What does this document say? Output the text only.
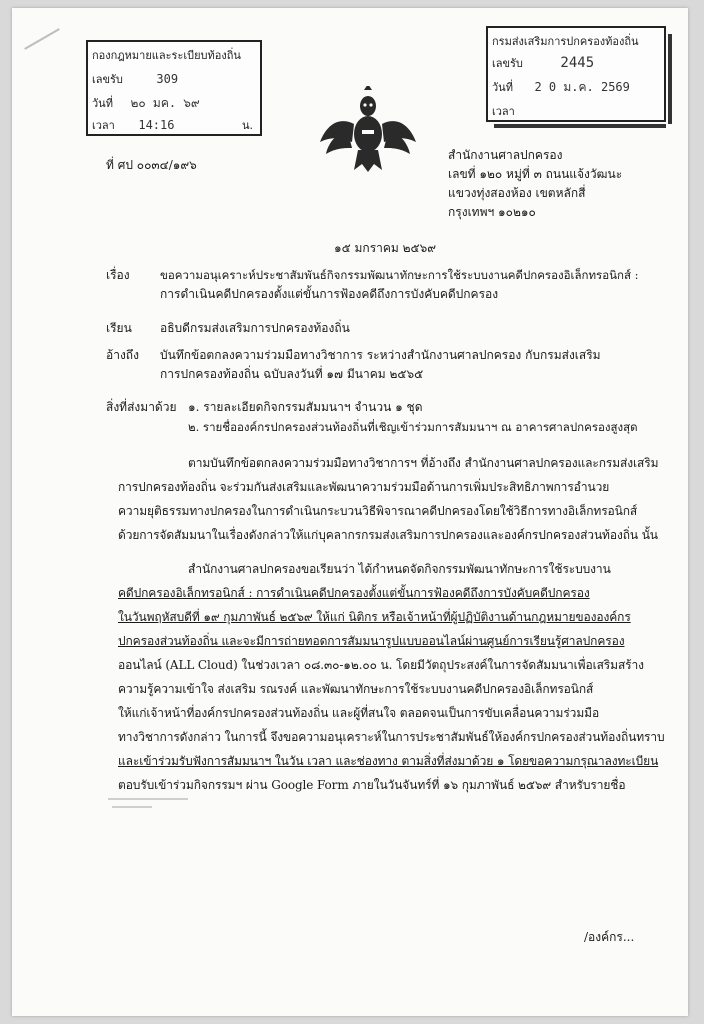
กองกฎหมายและระเบียบท้องถิ่น
เลขรับ	309
วันที่ ๒๐ มค. ๖๙
เวลา 14:16	น.
กรมส่งเสริมการปกครองท้องถิ่น
เลขรับ	2445
วันที่ 2 0 ม.ค. 2569
เวลา
ที่ ศป ๐๐๓๔/๑๙๖
สำนักงานศาลปกครอง
เลขที่ ๑๒๐ หมู่ที่ ๓ ถนนแจ้งวัฒนะ
แขวงทุ่งสองห้อง เขตหลักสี่
กรุงเทพฯ ๑๐๒๑๐
๑๕ มกราคม ๒๕๖๙
เรื่อง	ขอความอนุเคราะห์ประชาสัมพันธ์กิจกรรมพัฒนาทักษะการใช้ระบบงานคดีปกครองอิเล็กทรอนิกส์ :
การดำเนินคดีปกครองตั้งแต่ขั้นการฟ้องคดีถึงการบังคับคดีปกครอง
เรียน อธิบดีกรมส่งเสริมการปกครองท้องถิ่น
อ้างถึง บันทึกข้อตกลงความร่วมมือทางวิชาการ ระหว่างสำนักงานศาลปกครอง กับกรมส่งเสริม
การปกครองท้องถิ่น ฉบับลงวันที่ ๑๗ มีนาคม ๒๕๖๕
สิ่งที่ส่งมาด้วย ๑. รายละเอียดกิจกรรมสัมมนาฯ จำนวน ๑ ชุด
๒. รายชื่อองค์กรปกครองส่วนท้องถิ่นที่เชิญเข้าร่วมการสัมมนาฯ ณ อาคารศาลปกครองสูงสุด
ตามบันทึกข้อตกลงความร่วมมือทางวิชาการฯ ที่อ้างถึง สำนักงานศาลปกครองและกรมส่งเสริม
การปกครองท้องถิ่น จะร่วมกันส่งเสริมและพัฒนาความร่วมมือด้านการเพิ่มประสิทธิภาพการอำนวย
ความยุติธรรมทางปกครองในการดำเนินกระบวนวิธีพิจารณาคดีปกครองโดยใช้วิธีการทางอิเล็กทรอนิกส์
ด้วยการจัดสัมมนาในเรื่องดังกล่าวให้แก่บุคลากรกรมส่งเสริมการปกครองและองค์กรปกครองส่วนท้องถิ่น นั้น
สำนักงานศาลปกครองขอเรียนว่า ได้กำหนดจัดกิจกรรมพัฒนาทักษะการใช้ระบบงาน
คดีปกครองอิเล็กทรอนิกส์ : การดำเนินคดีปกครองตั้งแต่ขั้นการฟ้องคดีถึงการบังคับคดีปกครอง
ในวันพฤหัสบดีที่ ๑๙ กุมภาพันธ์ ๒๕๖๙ ให้แก่ นิติกร หรือเจ้าหน้าที่ผู้ปฏิบัติงานด้านกฎหมายขององค์กร
ปกครองส่วนท้องถิ่น และจะมีการถ่ายทอดการสัมมนารูปแบบออนไลน์ผ่านศูนย์การเรียนรู้ศาลปกครอง
ออนไลน์ (ALL Cloud) ในช่วงเวลา ๐๘.๓๐-๑๒.๐๐ น. โดยมีวัตถุประสงค์ในการจัดสัมมนาเพื่อเสริมสร้าง
ความรู้ความเข้าใจ ส่งเสริม รณรงค์ และพัฒนาทักษะการใช้ระบบงานคดีปกครองอิเล็กทรอนิกส์
ให้แก่เจ้าหน้าที่องค์กรปกครองส่วนท้องถิ่น และผู้ที่สนใจ ตลอดจนเป็นการขับเคลื่อนความร่วมมือ
ทางวิชาการดังกล่าว ในการนี้ จึงขอความอนุเคราะห์ในการประชาสัมพันธ์ให้องค์กรปกครองส่วนท้องถิ่นทราบ
และเข้าร่วมรับฟังการสัมมนาฯ ในวัน เวลา และช่องทาง ตามสิ่งที่ส่งมาด้วย ๑ โดยขอความกรุณาลงทะเบียน
ตอบรับเข้าร่วมกิจกรรมฯ ผ่าน Google Form ภายในวันจันทร์ที่ ๑๖ กุมภาพันธ์ ๒๕๖๙ สำหรับรายชื่อ
/องค์กร...
